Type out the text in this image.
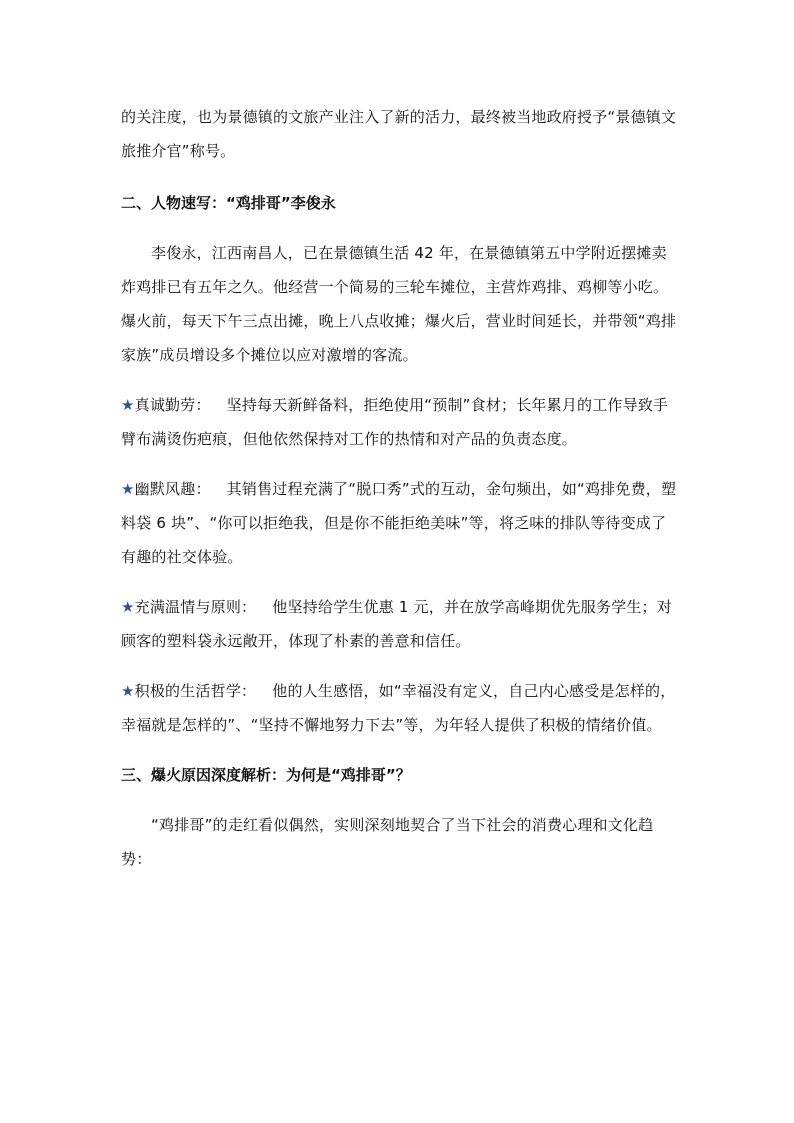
的关注度，也为景德镇的文旅产业注入了新的活力，最终被当地政府授予“景德镇文旅推介官”称号。

二、人物速写：“鸡排哥”李俊永

李俊永，江西南昌人，已在景德镇生活 42 年，在景德镇第五中学附近摆摊卖炸鸡排已有五年之久。他经营一个简易的三轮车摊位，主营炸鸡排、鸡柳等小吃。爆火前，每天下午三点出摊，晚上八点收摊；爆火后，营业时间延长，并带领“鸡排家族”成员增设多个摊位以应对激增的客流。

★真诚勤劳： 坚持每天新鲜备料，拒绝使用“预制”食材；长年累月的工作导致手臂布满烫伤疤痕，但他依然保持对工作的热情和对产品的负责态度。

★幽默风趣： 其销售过程充满了“脱口秀”式的互动，金句频出，如“鸡排免费，塑料袋 6 块”、“你可以拒绝我，但是你不能拒绝美味”等，将乏味的排队等待变成了有趣的社交体验。

★充满温情与原则： 他坚持给学生优惠 1 元，并在放学高峰期优先服务学生；对顾客的塑料袋永远敞开，体现了朴素的善意和信任。

★积极的生活哲学： 他的人生感悟，如“幸福没有定义，自己内心感受是怎样的，幸福就是怎样的”、“坚持不懈地努力下去”等，为年轻人提供了积极的情绪价值。

三、爆火原因深度解析：为何是“鸡排哥”？

“鸡排哥”的走红看似偶然，实则深刻地契合了当下社会的消费心理和文化趋势：
